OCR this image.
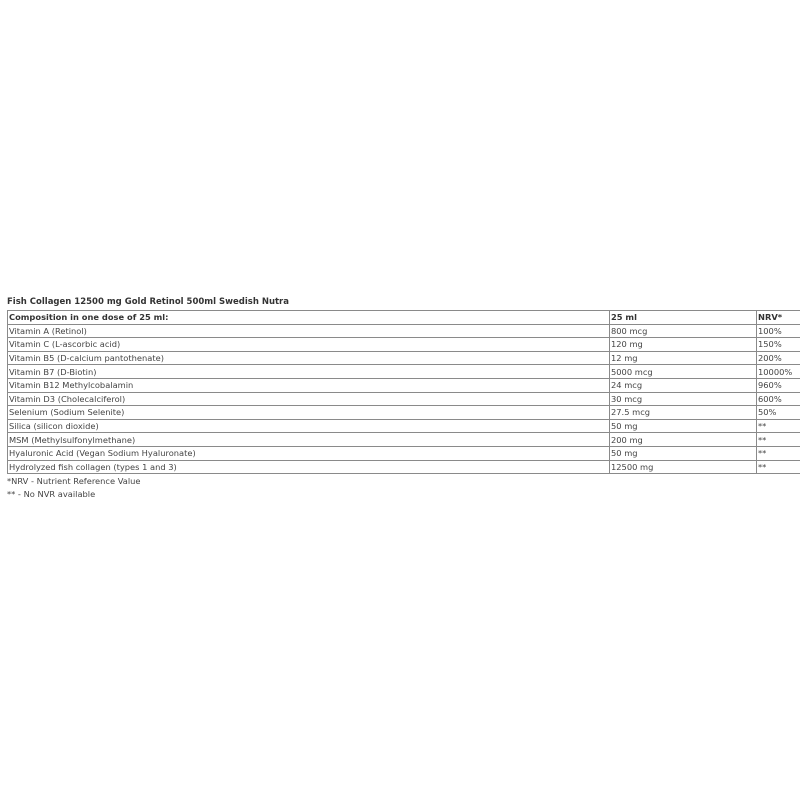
Fish Collagen 12500 mg Gold Retinol 500ml Swedish Nutra
Composition in one dose of 25 ml:	25 ml	NRV*
Vitamin A (Retinol)	800 mcg	100%
Vitamin C (L-ascorbic acid)	120 mg	150%
Vitamin B5 (D-calcium pantothenate)	12 mg	200%
Vitamin B7 (D-Biotin)	5000 mcg	10000%
Vitamin B12 Methylcobalamin	24 mcg	960%
Vitamin D3 (Cholecalciferol)	30 mcg	600%
Selenium (Sodium Selenite)	27.5 mcg	50%
Silica (silicon dioxide)	50 mg	**
MSM (Methylsulfonylmethane)	200 mg	**
Hyaluronic Acid (Vegan Sodium Hyaluronate)	50 mg	**
Hydrolyzed fish collagen (types 1 and 3)	12500 mg	**
*NRV - Nutrient Reference Value
** - No NVR available
